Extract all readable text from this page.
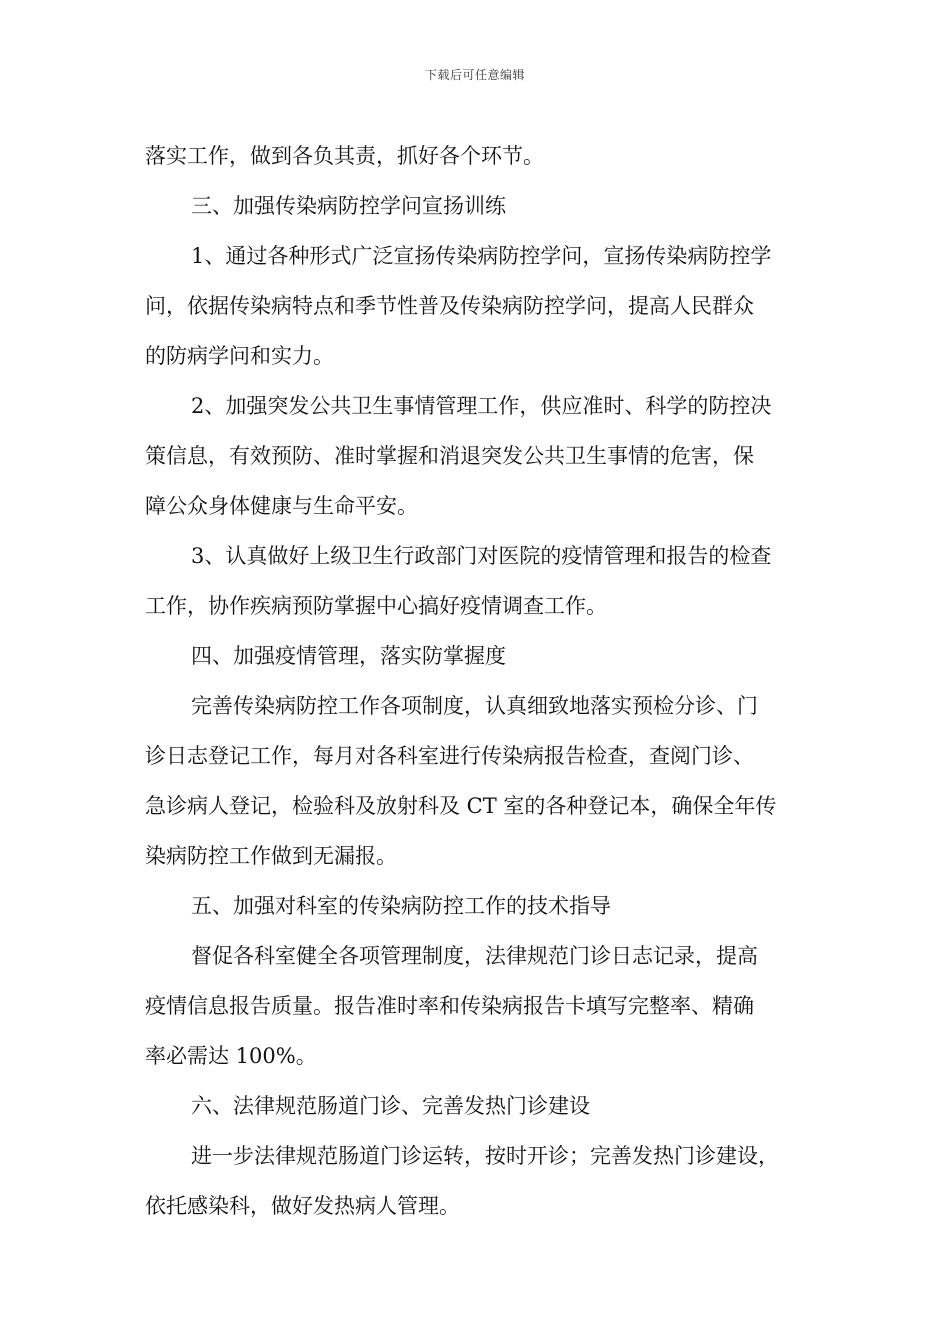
下载后可任意编辑
落实工作，做到各负其责，抓好各个环节。
三、加强传染病防控学问宣扬训练
1、通过各种形式广泛宣扬传染病防控学问，宣扬传染病防控学
问，依据传染病特点和季节性普及传染病防控学问，提高人民群众
的防病学问和实力。
2、加强突发公共卫生事情管理工作，供应准时、科学的防控决
策信息，有效预防、准时掌握和消退突发公共卫生事情的危害，保
障公众身体健康与生命平安。
3、认真做好上级卫生行政部门对医院的疫情管理和报告的检查
工作，协作疾病预防掌握中心搞好疫情调查工作。
四、加强疫情管理，落实防掌握度
完善传染病防控工作各项制度，认真细致地落实预检分诊、门
诊日志登记工作，每月对各科室进行传染病报告检查，查阅门诊、
急诊病人登记，检验科及放射科及 CT 室的各种登记本，确保全年传
染病防控工作做到无漏报。
五、加强对科室的传染病防控工作的技术指导
督促各科室健全各项管理制度，法律规范门诊日志记录，提高
疫情信息报告质量。报告准时率和传染病报告卡填写完整率、精确
率必需达 100%。
六、法律规范肠道门诊、完善发热门诊建设
进一步法律规范肠道门诊运转，按时开诊；完善发热门诊建设，
依托感染科，做好发热病人管理。
